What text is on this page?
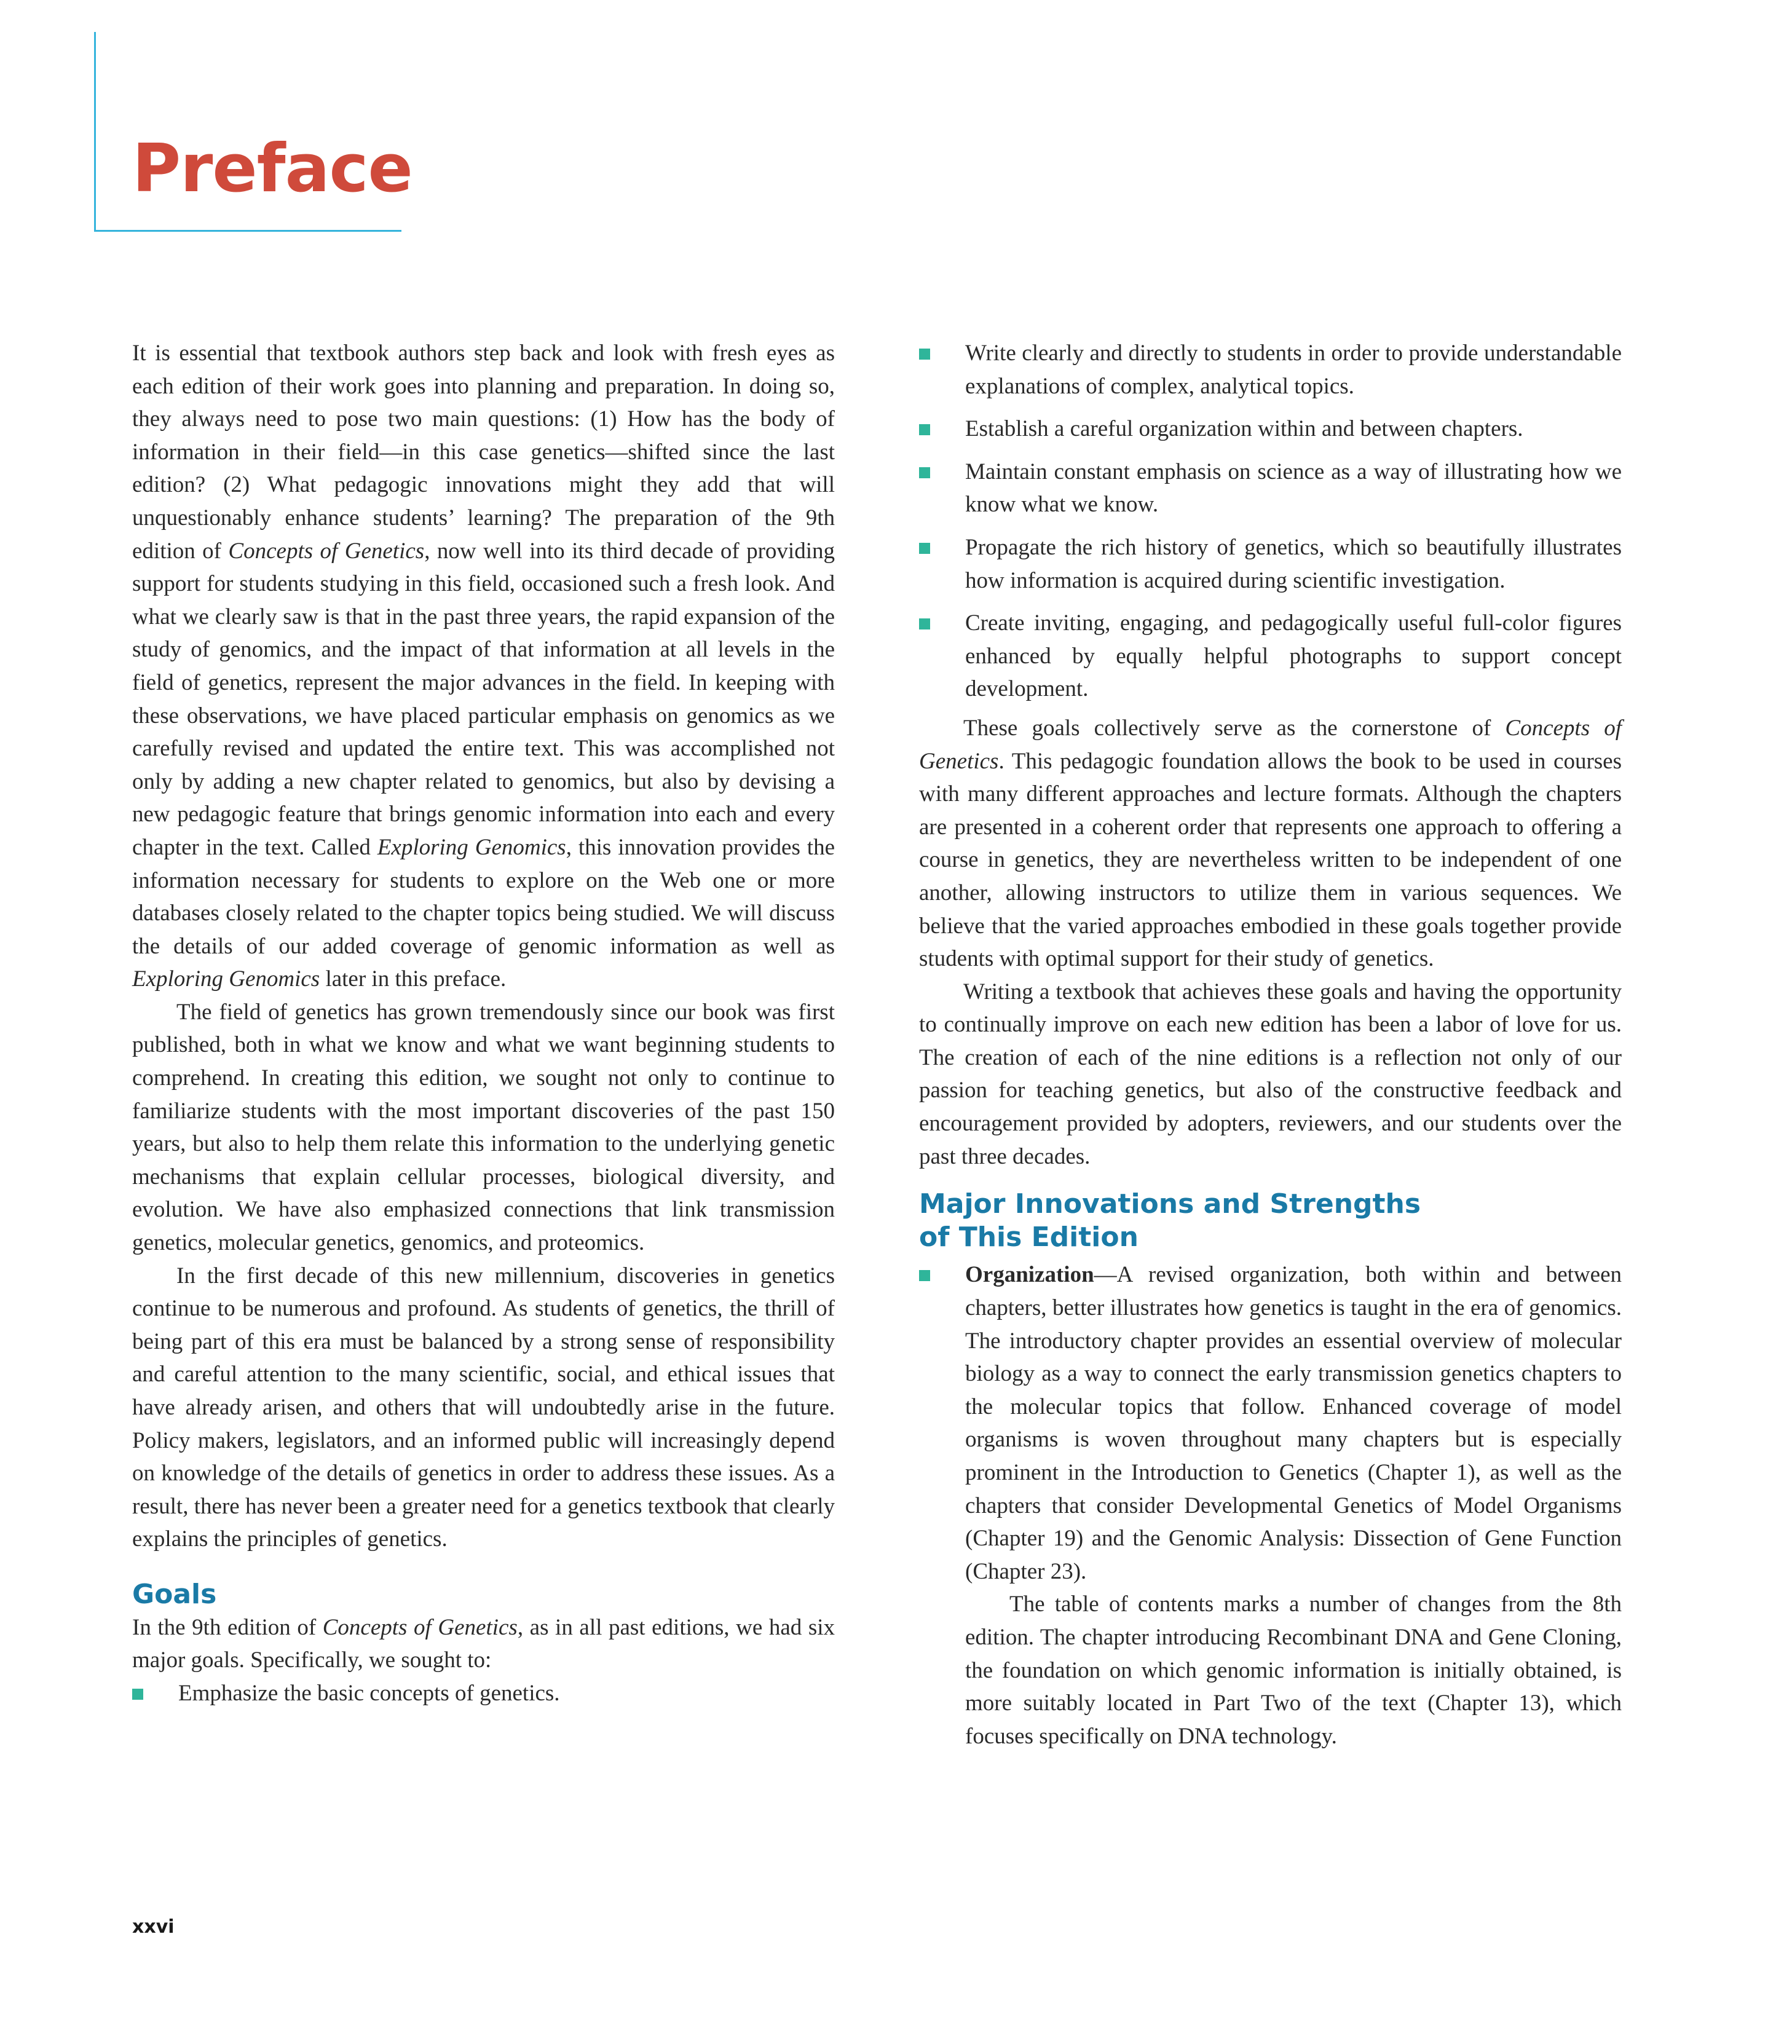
Preface

It is essential that textbook authors step back and look with fresh eyes as each edition of their work goes into planning and preparation. In doing so, they always need to pose two main questions: (1) How has the body of information in their field—in this case genetics—shifted since the last edition? (2) What pedagogic innovations might they add that will unquestionably enhance students’ learning? The preparation of the 9th edition of Concepts of Genetics, now well into its third decade of providing support for students studying in this field, occasioned such a fresh look. And what we clearly saw is that in the past three years, the rapid expansion of the study of genomics, and the impact of that information at all levels in the field of genetics, represent the major advances in the field. In keeping with these observations, we have placed particular emphasis on genomics as we carefully revised and updated the entire text. This was accomplished not only by adding a new chapter related to genomics, but also by devising a new pedagogic feature that brings genomic information into each and every chapter in the text. Called Exploring Genomics, this innovation provides the information necessary for students to explore on the Web one or more databases closely related to the chapter topics being studied. We will discuss the details of our added coverage of genomic information as well as Exploring Genomics later in this preface.

The field of genetics has grown tremendously since our book was first published, both in what we know and what we want beginning students to comprehend. In creating this edition, we sought not only to continue to familiarize students with the most important discoveries of the past 150 years, but also to help them relate this information to the underlying genetic mechanisms that explain cellular processes, biological diversity, and evolution. We have also emphasized connections that link transmission genetics, molecular genetics, genomics, and proteomics.

In the first decade of this new millennium, discoveries in genetics continue to be numerous and profound. As students of genetics, the thrill of being part of this era must be balanced by a strong sense of responsibility and careful attention to the many scientific, social, and ethical issues that have already arisen, and others that will undoubtedly arise in the future. Policy makers, legislators, and an informed public will increasingly depend on knowledge of the details of genetics in order to address these issues. As a result, there has never been a greater need for a genetics textbook that clearly explains the principles of genetics.

Goals

In the 9th edition of Concepts of Genetics, as in all past editions, we had six major goals. Specifically, we sought to:

Emphasize the basic concepts of genetics.
Write clearly and directly to students in order to provide understandable explanations of complex, analytical topics.
Establish a careful organization within and between chapters.
Maintain constant emphasis on science as a way of illustrating how we know what we know.
Propagate the rich history of genetics, which so beautifully illustrates how information is acquired during scientific investigation.
Create inviting, engaging, and pedagogically useful full-color figures enhanced by equally helpful photographs to support concept development.

These goals collectively serve as the cornerstone of Concepts of Genetics. This pedagogic foundation allows the book to be used in courses with many different approaches and lecture formats. Although the chapters are presented in a coherent order that represents one approach to offering a course in genetics, they are nevertheless written to be independent of one another, allowing instructors to utilize them in various sequences. We believe that the varied approaches embodied in these goals together provide students with optimal support for their study of genetics.

Writing a textbook that achieves these goals and having the opportunity to continually improve on each new edition has been a labor of love for us. The creation of each of the nine editions is a reflection not only of our passion for teaching genetics, but also of the constructive feedback and encouragement provided by adopters, reviewers, and our students over the past three decades.

Major Innovations and Strengths
of This Edition
Organization—A revised organization, both within and between chapters, better illustrates how genetics is taught in the era of genomics. The introductory chapter provides an essential overview of molecular biology as a way to connect the early transmission genetics chapters to the molecular topics that follow. Enhanced coverage of model organisms is woven throughout many chapters but is especially prominent in the Introduction to Genetics (Chapter 1), as well as the chapters that consider Developmental Genetics of Model Organisms (Chapter 19) and the Genomic Analysis: Dissection of Gene Function (Chapter 23).

The table of contents marks a number of changes from the 8th edition. The chapter introducing Recombinant DNA and Gene Cloning, the foundation on which genomic information is initially obtained, is more suitably located in Part Two of the text (Chapter 13), which focuses specifically on DNA technology.

xxvi
